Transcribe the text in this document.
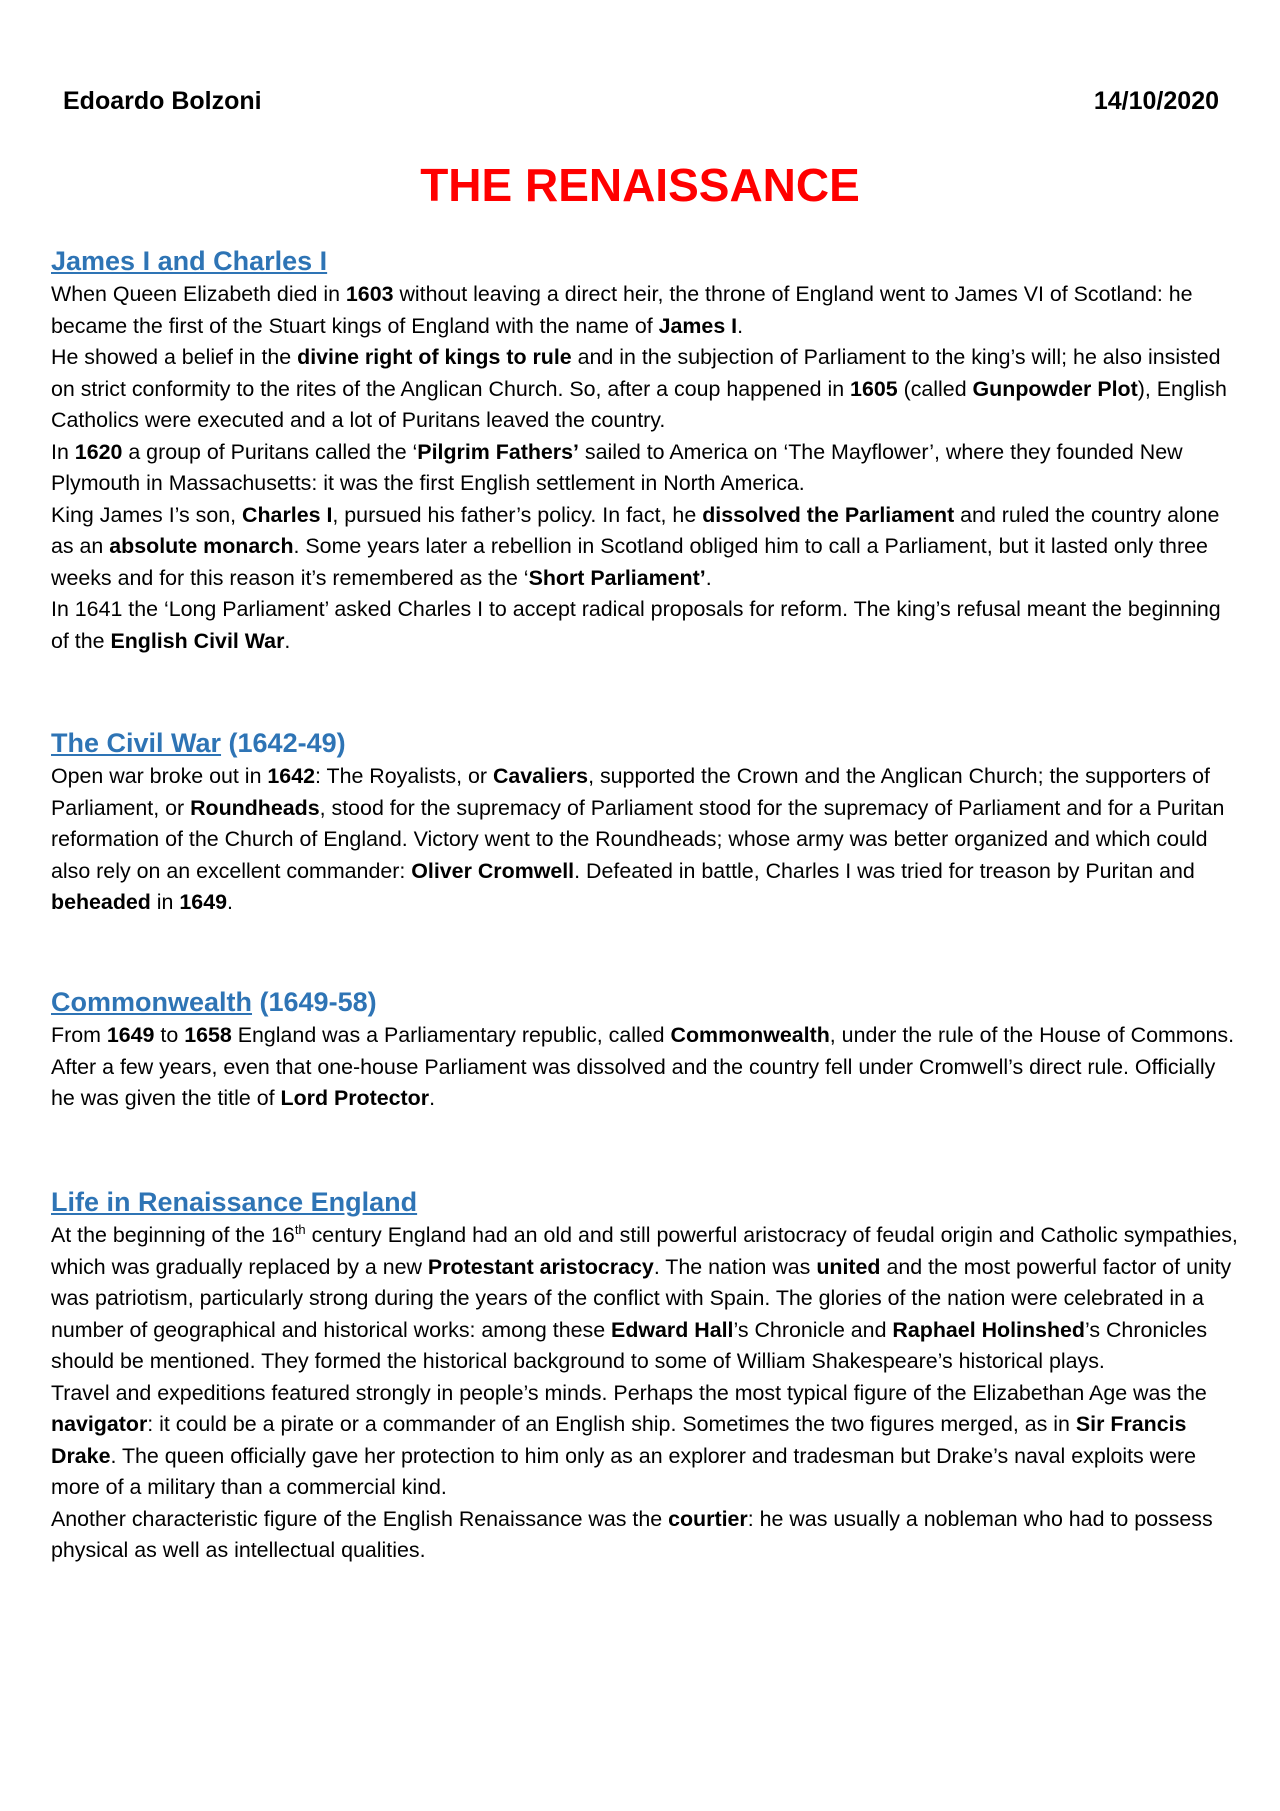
Edoardo Bolzoni	14/10/2020
THE RENAISSANCE
James I and Charles I

When Queen Elizabeth died in 1603 without leaving a direct heir, the throne of England went to James VI of Scotland: he became the first of the Stuart kings of England with the name of James I.

He showed a belief in the divine right of kings to rule and in the subjection of Parliament to the king’s will; he also insisted on strict conformity to the rites of the Anglican Church. So, after a coup happened in 1605 (called Gunpowder Plot), English Catholics were executed and a lot of Puritans leaved the country.

In 1620 a group of Puritans called the ‘Pilgrim Fathers’ sailed to America on ‘The Mayflower’, where they founded New Plymouth in Massachusetts: it was the first English settlement in North America.

King James I’s son, Charles I, pursued his father’s policy. In fact, he dissolved the Parliament and ruled the country alone as an absolute monarch. Some years later a rebellion in Scotland obliged him to call a Parliament, but it lasted only three weeks and for this reason it’s remembered as the ‘Short Parliament’.

In 1641 the ‘Long Parliament’ asked Charles I to accept radical proposals for reform. The king’s refusal meant the beginning of the English Civil War.

The Civil War (1642-49)

Open war broke out in 1642: The Royalists, or Cavaliers, supported the Crown and the Anglican Church; the supporters of Parliament, or Roundheads, stood for the supremacy of Parliament stood for the supremacy of Parliament and for a Puritan reformation of the Church of England. Victory went to the Roundheads; whose army was better organized and which could also rely on an excellent commander: Oliver Cromwell. Defeated in battle, Charles I was tried for treason by Puritan and beheaded in 1649.

Commonwealth (1649-58)

From 1649 to 1658 England was a Parliamentary republic, called Commonwealth, under the rule of the House of Commons. After a few years, even that one-house Parliament was dissolved and the country fell under Cromwell’s direct rule. Officially he was given the title of Lord Protector.

Life in Renaissance England

At the beginning of the 16th century England had an old and still powerful aristocracy of feudal origin and Catholic sympathies, which was gradually replaced by a new Protestant aristocracy. The nation was united and the most powerful factor of unity was patriotism, particularly strong during the years of the conflict with Spain. The glories of the nation were celebrated in a number of geographical and historical works: among these Edward Hall’s Chronicle and Raphael Holinshed’s Chronicles should be mentioned. They formed the historical background to some of William Shakespeare’s historical plays.

Travel and expeditions featured strongly in people’s minds. Perhaps the most typical figure of the Elizabethan Age was the navigator: it could be a pirate or a commander of an English ship. Sometimes the two figures merged, as in Sir Francis Drake. The queen officially gave her protection to him only as an explorer and tradesman but Drake’s naval exploits were more of a military than a commercial kind.

Another characteristic figure of the English Renaissance was the courtier: he was usually a nobleman who had to possess physical as well as intellectual qualities.
